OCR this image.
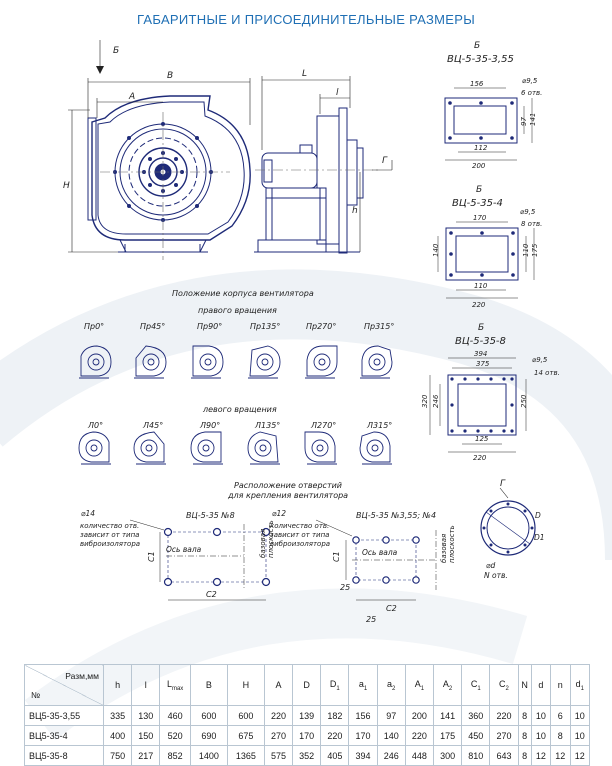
ГАБАРИТНЫЕ И ПРИСОЕДИНИТЕЛЬНЫЕ РАЗМЕРЫ
Б
B
A
H
L
l
h
Г
Б
ВЦ-5-35-3,55
⌀9,5
6 отв.
156
112
200
97 141
Б
ВЦ-5-35-4
⌀9,5
8 отв.
170
110
220
140	110 175
Б
ВЦ-5-35-8
⌀9,5
14 отв.
394
375
125
220
320 246	250
Положение корпуса вентилятора
правого вращения
Пр0°	Пр45°	Пр90°	Пр135°	Пр270°	Пр315°
левого вращения
Л0°	Л45°	Л90°	Л135°	Л270°	Л315°
Расположение отверстий
для крепления вентилятора
⌀14
количество отв.
зависит от типа
виброизолятора
ВЦ-5-35 №8
Ось вала	базовая плоскость
C1
C2
⌀12
количество отв.
зависит от типа
виброизолятора
ВЦ-5-35 №3,55; №4
Ось вала	базовая плоскость
C1
C2
25
25
Г
D
D1
⌀d
N отв.
Разм,мм
№	h	l	$L_{max}$	B	H	A	D	$D_1$	$a_1$	$a_2$	$A_1$	$A_2$	$C_1$	$C_2$	N	d	n	$d_1$
ВЦ5-35-3,55	335	130	460	600	600	220	139	182	156	97	200	141	360	220	8	10	6	10
ВЦ5-35-4	400	150	520	690	675	270	170	220	170	140	220	175	450	270	8	10	8	10
ВЦ5-35-8	750	217	852	1400	1365	575	352	405	394	246	448	300	810	643	8	12	12	12
